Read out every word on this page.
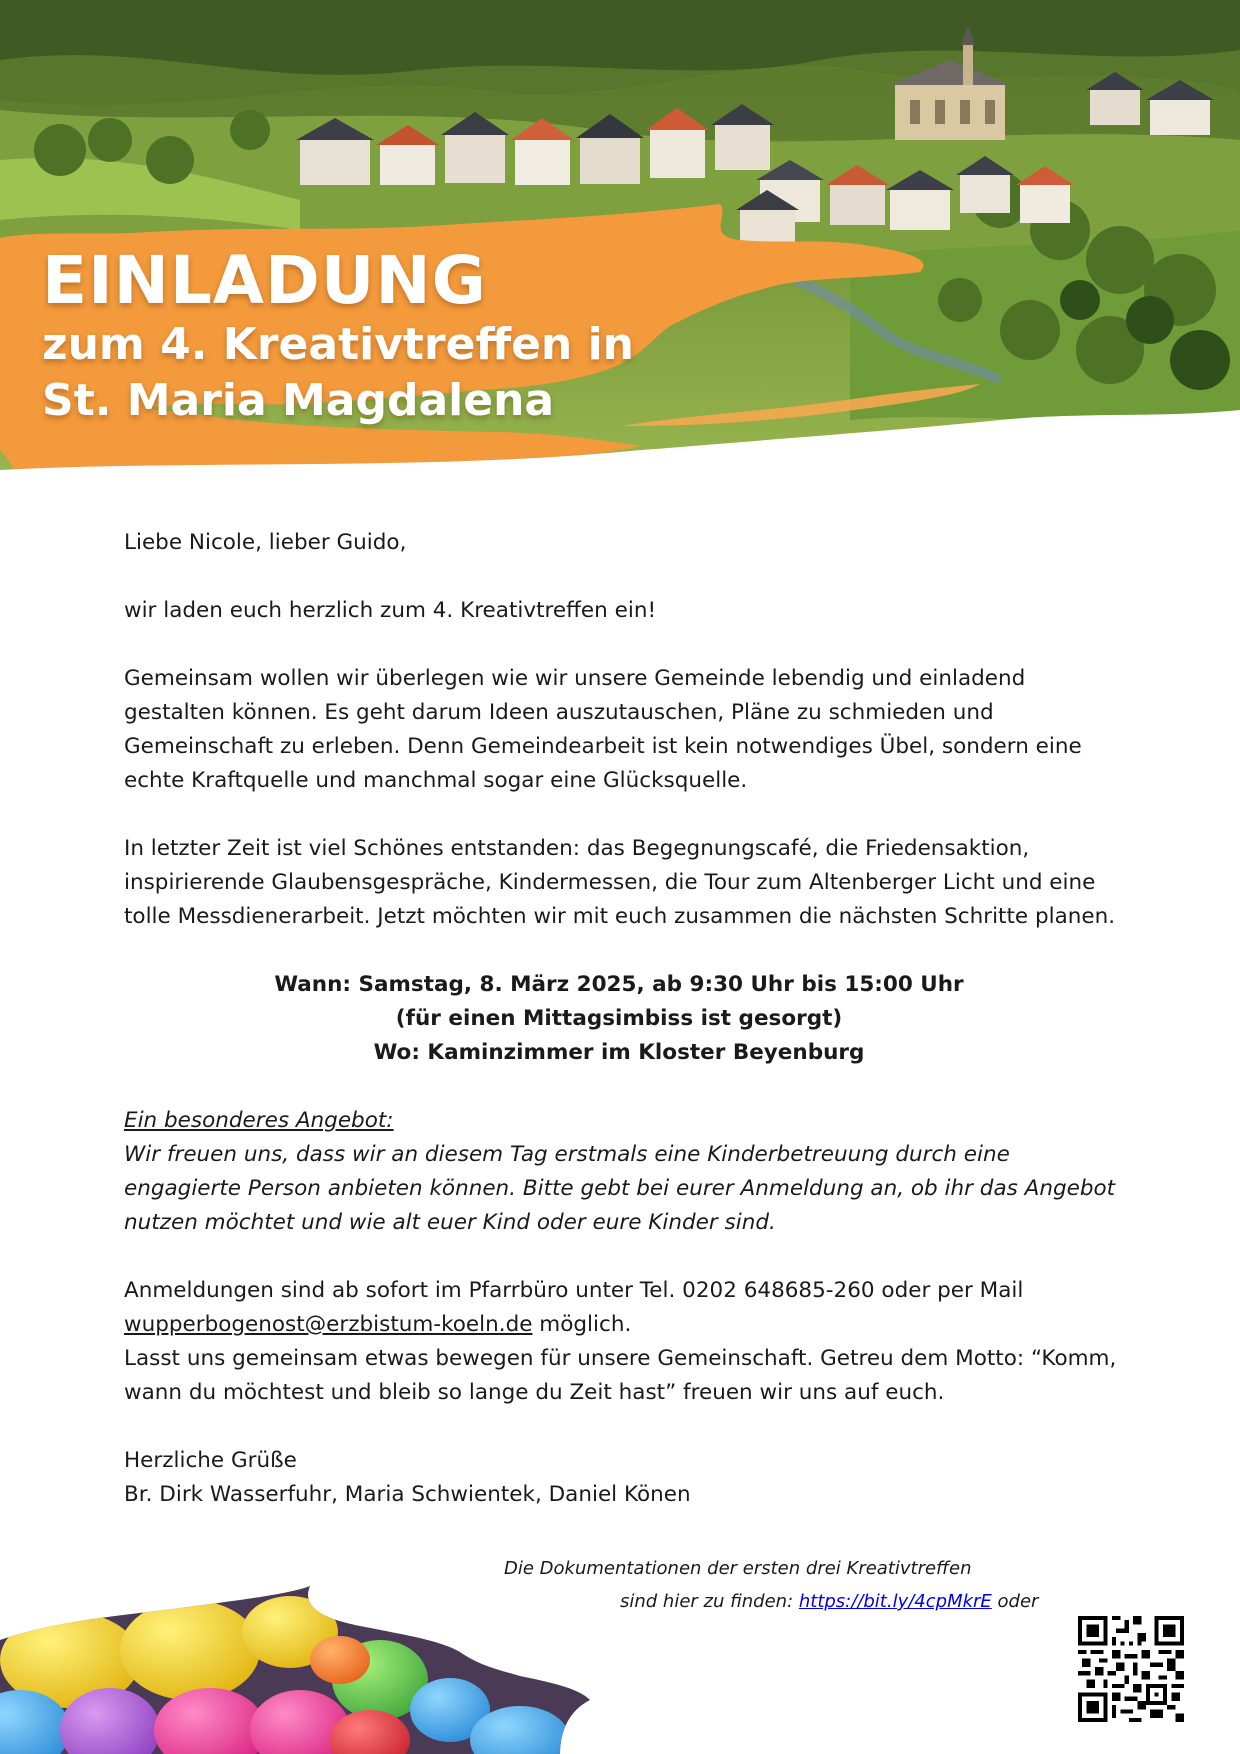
EINLADUNG
zum 4. Kreativtreffen in
St. Maria Magdalena

Liebe Nicole, lieber Guido,

wir laden euch herzlich zum 4. Kreativtreffen ein!

Gemeinsam wollen wir überlegen wie wir unsere Gemeinde lebendig und einladend gestalten können. Es geht darum Ideen auszutauschen, Pläne zu schmieden und Gemeinschaft zu erleben. Denn Gemeindearbeit ist kein notwendiges Übel, sondern eine echte Kraftquelle und manchmal sogar eine Glücksquelle.

In letzter Zeit ist viel Schönes entstanden: das Begegnungscafé, die Friedensaktion, inspirierende Glaubensgespräche, Kindermessen, die Tour zum Altenberger Licht und eine tolle Messdienerarbeit. Jetzt möchten wir mit euch zusammen die nächsten Schritte planen.

Wann: Samstag, 8. März 2025, ab 9:30 Uhr bis 15:00 Uhr
(für einen Mittagsimbiss ist gesorgt)
Wo: Kaminzimmer im Kloster Beyenburg

Ein besonderes Angebot:
Wir freuen uns, dass wir an diesem Tag erstmals eine Kinderbetreuung durch eine engagierte Person anbieten können. Bitte gebt bei eurer Anmeldung an, ob ihr das Angebot nutzen möchtet und wie alt euer Kind oder eure Kinder sind.

Anmeldungen sind ab sofort im Pfarrbüro unter Tel. 0202 648685-260 oder per Mail
wupperbogenost@erzbistum-koeln.de möglich.
Lasst uns gemeinsam etwas bewegen für unsere Gemeinschaft. Getreu dem Motto: “Komm, wann du möchtest und bleib so lange du Zeit hast” freuen wir uns auf euch.

Herzliche Grüße
Br. Dirk Wasserfuhr, Maria Schwientek, Daniel Könen

Die Dokumentationen der ersten drei Kreativtreffen
sind hier zu finden: https://bit.ly/4cpMkrE oder
